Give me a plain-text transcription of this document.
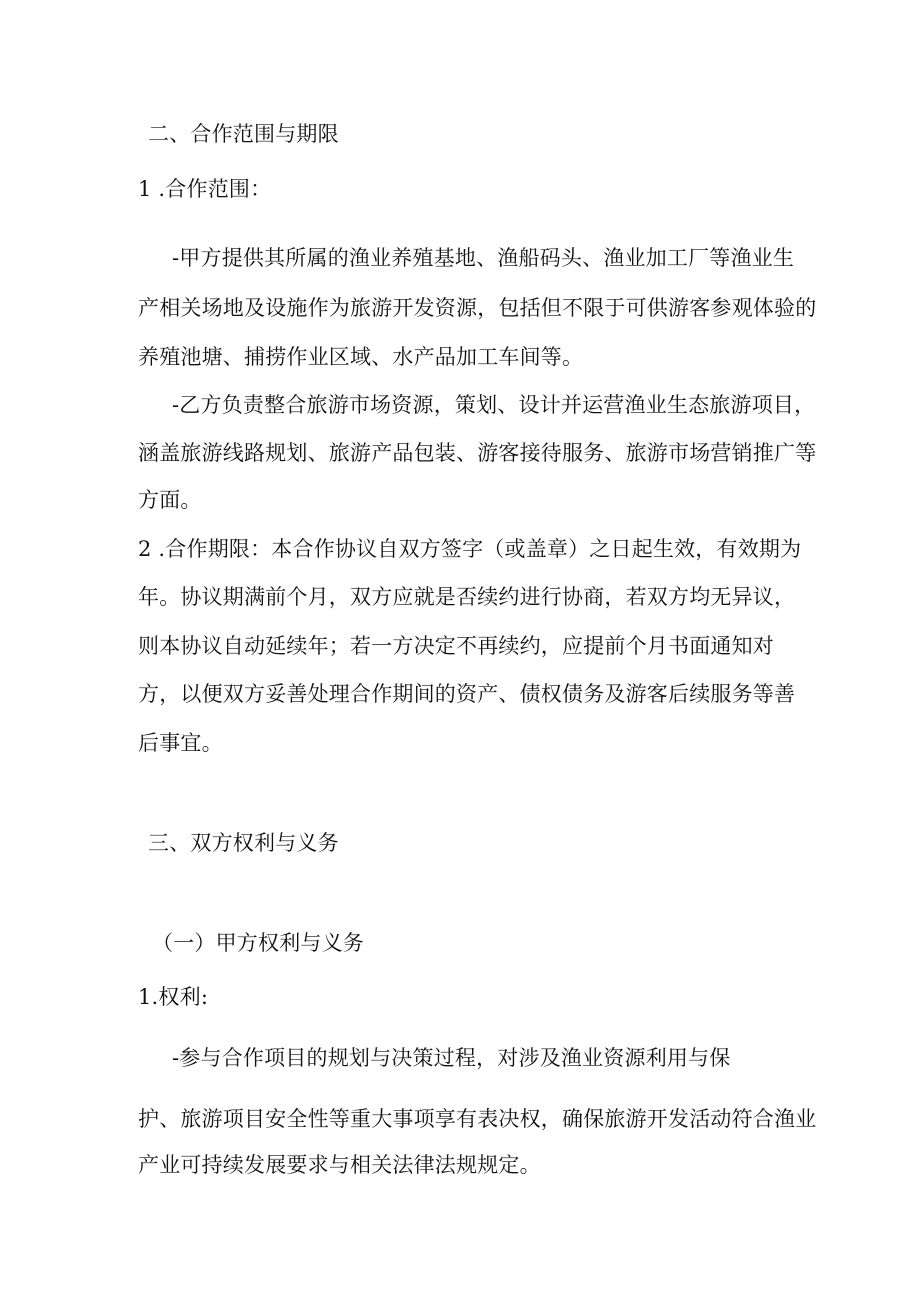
二、合作范围与期限
1 .合作范围：
-甲方提供其所属的渔业养殖基地、渔船码头、渔业加工厂等渔业生
产相关场地及设施作为旅游开发资源，包括但不限于可供游客参观体验的
养殖池塘、捕捞作业区域、水产品加工车间等。
-乙方负责整合旅游市场资源，策划、设计并运营渔业生态旅游项目，
涵盖旅游线路规划、旅游产品包装、游客接待服务、旅游市场营销推广等
方面。
2 .合作期限：本合作协议自双方签字（或盖章）之日起生效，有效期为
年。协议期满前个月，双方应就是否续约进行协商，若双方均无异议，
则本协议自动延续年；若一方决定不再续约，应提前个月书面通知对
方，以便双方妥善处理合作期间的资产、债权债务及游客后续服务等善
后事宜。
三、双方权利与义务
（一）甲方权利与义务
1.权利:
-参与合作项目的规划与决策过程，对涉及渔业资源利用与保
护、旅游项目安全性等重大事项享有表决权，确保旅游开发活动符合渔业
产业可持续发展要求与相关法律法规规定。
